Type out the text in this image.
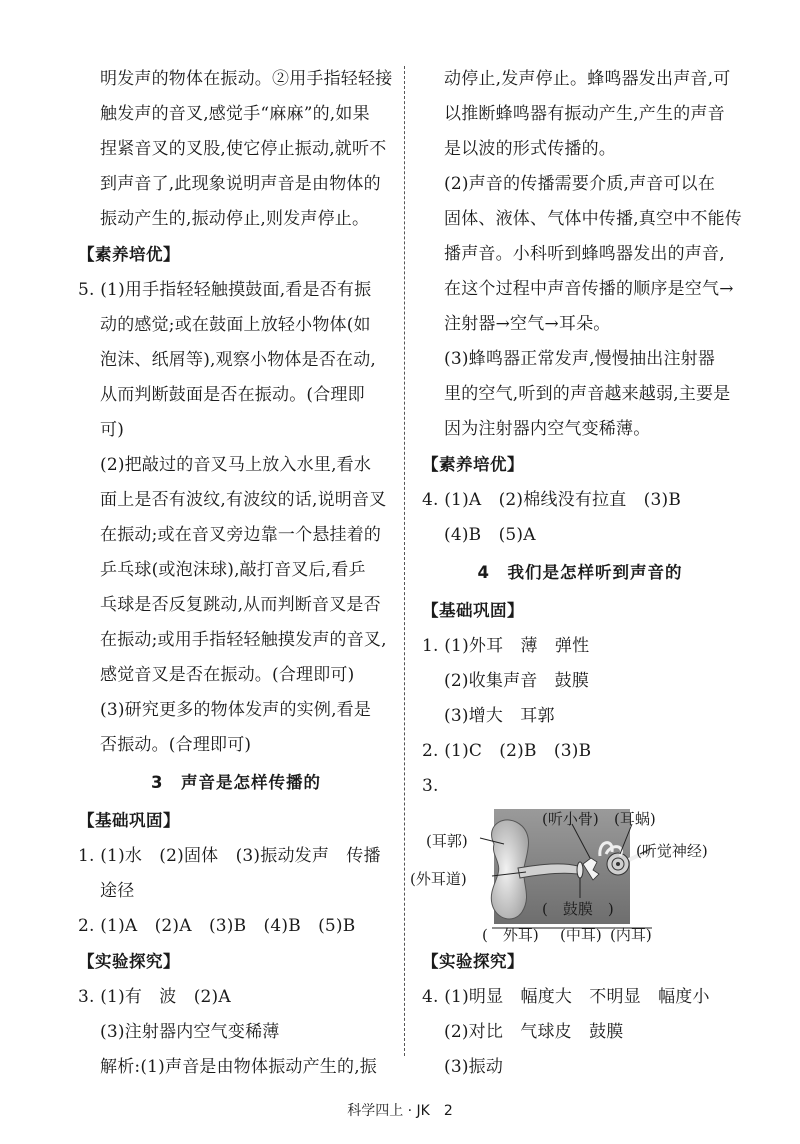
明发声的物体在振动。②用手指轻轻接
触发声的音叉,感觉手“麻麻”的,如果
捏紧音叉的叉股,使它停止振动,就听不
到声音了,此现象说明声音是由物体的
振动产生的,振动停止,则发声停止。
【素养培优】
5. (1)用手指轻轻触摸鼓面,看是否有振
动的感觉;或在鼓面上放轻小物体(如
泡沫、纸屑等),观察小物体是否在动,
从而判断鼓面是否在振动。(合理即
可)
(2)把敲过的音叉马上放入水里,看水
面上是否有波纹,有波纹的话,说明音叉
在振动;或在音叉旁边靠一个悬挂着的
乒乓球(或泡沫球),敲打音叉后,看乒
乓球是否反复跳动,从而判断音叉是否
在振动;或用手指轻轻触摸发声的音叉,
感觉音叉是否在振动。(合理即可)
(3)研究更多的物体发声的实例,看是
否振动。(合理即可)
3　声音是怎样传播的
【基础巩固】
1. (1)水　(2)固体　(3)振动发声　传播
途径
2. (1)A　(2)A　(3)B　(4)B　(5)B
【实验探究】
3. (1)有　波　(2)A
(3)注射器内空气变稀薄
解析:(1)声音是由物体振动产生的,振
动停止,发声停止。蜂鸣器发出声音,可
以推断蜂鸣器有振动产生,产生的声音
是以波的形式传播的。
(2)声音的传播需要介质,声音可以在
固体、液体、气体中传播,真空中不能传
播声音。小科听到蜂鸣器发出的声音,
在这个过程中声音传播的顺序是空气→
注射器→空气→耳朵。
(3)蜂鸣器正常发声,慢慢抽出注射器
里的空气,听到的声音越来越弱,主要是
因为注射器内空气变稀薄。
【素养培优】
4. (1)A　(2)棉线没有拉直　(3)B
(4)B　(5)A
4　我们是怎样听到声音的
【基础巩固】
1. (1)外耳　薄　弹性
(2)收集声音　鼓膜
(3)增大　耳郭
2. (1)C　(2)B　(3)B
3.
(听小骨) (耳蜗)
(耳郭)
(听觉神经)
(外耳道)
(　鼓膜　)
(　外耳) (中耳) (内耳)
【实验探究】
4. (1)明显　幅度大　不明显　幅度小
(2)对比　气球皮　鼓膜
(3)振动
科学四上 · JK　2
